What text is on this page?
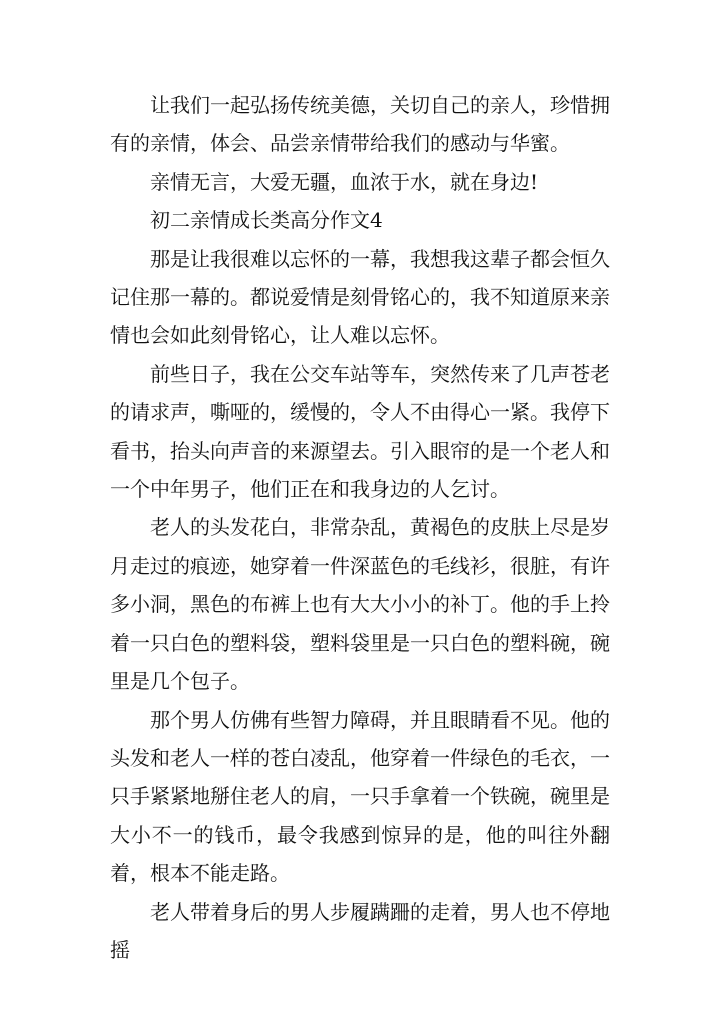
让我们一起弘扬传统美德，关切自己的亲人，珍惜拥有的亲情，体会、品尝亲情带给我们的感动与华蜜。

亲情无言，大爱无疆，血浓于水，就在身边!

初二亲情成长类高分作文4

那是让我很难以忘怀的一幕，我想我这辈子都会恒久记住那一幕的。都说爱情是刻骨铭心的，我不知道原来亲情也会如此刻骨铭心，让人难以忘怀。

前些日子，我在公交车站等车，突然传来了几声苍老的请求声，嘶哑的，缓慢的，令人不由得心一紧。我停下看书，抬头向声音的来源望去。引入眼帘的是一个老人和一个中年男子，他们正在和我身边的人乞讨。

老人的头发花白，非常杂乱，黄褐色的皮肤上尽是岁月走过的痕迹，她穿着一件深蓝色的毛线衫，很脏，有许多小洞，黑色的布裤上也有大大小小的补丁。他的手上拎着一只白色的塑料袋，塑料袋里是一只白色的塑料碗，碗里是几个包子。

那个男人仿佛有些智力障碍，并且眼睛看不见。他的头发和老人一样的苍白凌乱，他穿着一件绿色的毛衣，一只手紧紧地掰住老人的肩，一只手拿着一个铁碗，碗里是大小不一的钱币，最令我感到惊异的是，他的叫往外翻着，根本不能走路。

老人带着身后的男人步履蹒跚的走着，男人也不停地摇
